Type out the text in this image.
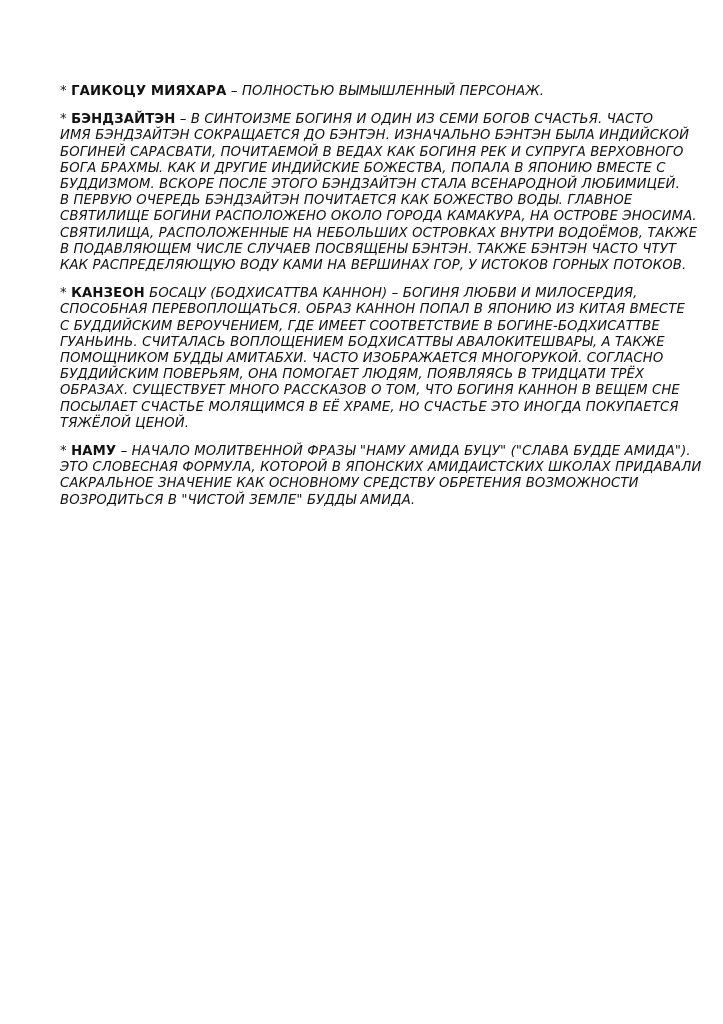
* ГАИКОЦУ МИЯХАРА – ПОЛНОСТЬЮ ВЫМЫШЛЕННЫЙ ПЕРСОНАЖ.
* БЭНДЗАЙТЭН – В СИНТОИЗМЕ БОГИНЯ И ОДИН ИЗ СЕМИ БОГОВ СЧАСТЬЯ. ЧАСТО
ИМЯ БЭНДЗАЙТЭН СОКРАЩАЕТСЯ ДО БЭНТЭН. ИЗНАЧАЛЬНО БЭНТЭН БЫЛА ИНДИЙСКОЙ
БОГИНЕЙ САРАСВАТИ, ПОЧИТАЕМОЙ В ВЕДАХ КАК БОГИНЯ РЕК И СУПРУГА ВЕРХОВНОГО
БОГА БРАХМЫ. КАК И ДРУГИЕ ИНДИЙСКИЕ БОЖЕСТВА, ПОПАЛА В ЯПОНИЮ ВМЕСТЕ С
БУДДИЗМОМ. ВСКОРЕ ПОСЛЕ ЭТОГО БЭНДЗАЙТЭН СТАЛА ВСЕНАРОДНОЙ ЛЮБИМИЦЕЙ.
В ПЕРВУЮ ОЧЕРЕДЬ БЭНДЗАЙТЭН ПОЧИТАЕТСЯ КАК БОЖЕСТВО ВОДЫ. ГЛАВНОЕ
СВЯТИЛИЩЕ БОГИНИ РАСПОЛОЖЕНО ОКОЛО ГОРОДА КАМАКУРА, НА ОСТРОВЕ ЭНОСИМА.
СВЯТИЛИЩА, РАСПОЛОЖЕННЫЕ НА НЕБОЛЬШИХ ОСТРОВКАХ ВНУТРИ ВОДОЁМОВ, ТАКЖЕ
В ПОДАВЛЯЮЩЕМ ЧИСЛЕ СЛУЧАЕВ ПОСВЯЩЕНЫ БЭНТЭН. ТАКЖЕ БЭНТЭН ЧАСТО ЧТУТ
КАК РАСПРЕДЕЛЯЮЩУЮ ВОДУ КАМИ НА ВЕРШИНАХ ГОР, У ИСТОКОВ ГОРНЫХ ПОТОКОВ.
* КАНЗЕОН БОСАЦУ (БОДХИСАТТВА КАННОН) – БОГИНЯ ЛЮБВИ И МИЛОСЕРДИЯ,
СПОСОБНАЯ ПЕРЕВОПЛОЩАТЬСЯ. ОБРАЗ КАННОН ПОПАЛ В ЯПОНИЮ ИЗ КИТАЯ ВМЕСТЕ
С БУДДИЙСКИМ ВЕРОУЧЕНИЕМ, ГДЕ ИМЕЕТ СООТВЕТСТВИЕ В БОГИНЕ-БОДХИСАТТВЕ
ГУАНЬИНЬ. СЧИТАЛАСЬ ВОПЛОЩЕНИЕМ БОДХИСАТТВЫ АВАЛОКИТЕШВАРЫ, А ТАКЖЕ
ПОМОЩНИКОМ БУДДЫ АМИТАБХИ. ЧАСТО ИЗОБРАЖАЕТСЯ МНОГОРУКОЙ. СОГЛАСНО
БУДДИЙСКИМ ПОВЕРЬЯМ, ОНА ПОМОГАЕТ ЛЮДЯМ, ПОЯВЛЯЯСЬ В ТРИДЦАТИ ТРЁХ
ОБРАЗАХ. СУЩЕСТВУЕТ МНОГО РАССКАЗОВ О ТОМ, ЧТО БОГИНЯ КАННОН В ВЕЩЕМ СНЕ
ПОСЫЛАЕТ СЧАСТЬЕ МОЛЯЩИМСЯ В ЕЁ ХРАМЕ, НО СЧАСТЬЕ ЭТО ИНОГДА ПОКУПАЕТСЯ
ТЯЖЁЛОЙ ЦЕНОЙ.
* НАМУ – НАЧАЛО МОЛИТВЕННОЙ ФРАЗЫ "НАМУ АМИДА БУЦУ" ("СЛАВА БУДДЕ АМИДА").
ЭТО СЛОВЕСНАЯ ФОРМУЛА, КОТОРОЙ В ЯПОНСКИХ АМИДАИСТСКИХ ШКОЛАХ ПРИДАВАЛИ
САКРАЛЬНОЕ ЗНАЧЕНИЕ КАК ОСНОВНОМУ СРЕДСТВУ ОБРЕТЕНИЯ ВОЗМОЖНОСТИ
ВОЗРОДИТЬСЯ В "ЧИСТОЙ ЗЕМЛЕ" БУДДЫ АМИДА.
